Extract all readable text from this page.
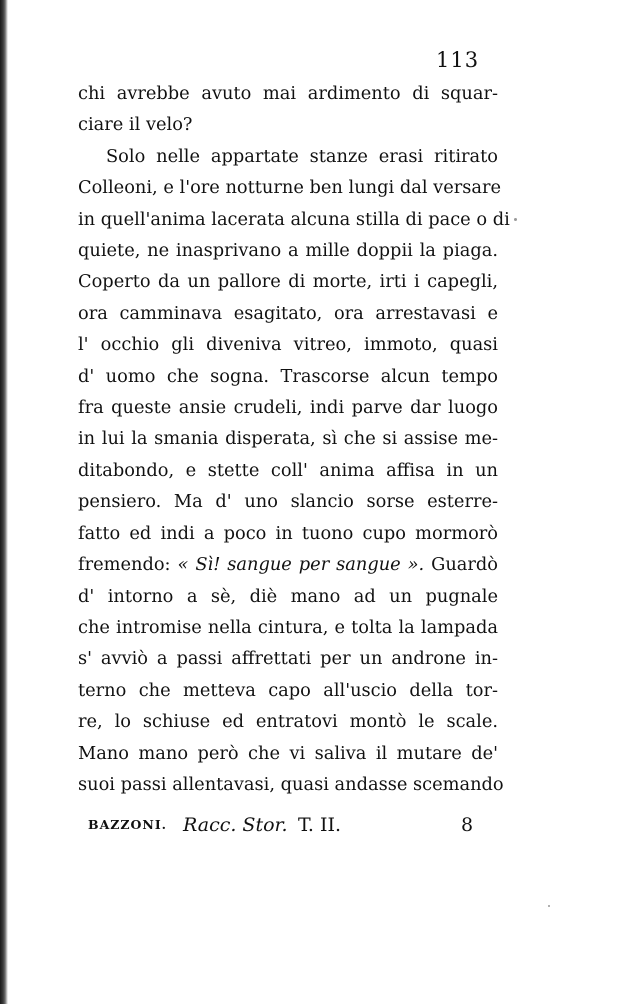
113
chi avrebbe avuto mai ardimento di squar-
ciare il velo?
Solo nelle appartate stanze erasi ritirato
Colleoni, e l'ore notturne ben lungi dal versare
in quell'anima lacerata alcuna stilla di pace o di
quiete, ne inasprivano a mille doppii la piaga.
Coperto da un pallore di morte, irti i capegli,
ora camminava esagitato, ora arrestavasi e
l' occhio gli diveniva vitreo, immoto, quasi
d' uomo che sogna. Trascorse alcun tempo
fra queste ansie crudeli, indi parve dar luogo
in lui la smania disperata, sì che si assise me-
ditabondo, e stette coll' anima affisa in un
pensiero. Ma d' uno slancio sorse esterre-
fatto ed indi a poco in tuono cupo mormorò
fremendo: « Sì! sangue per sangue ». Guardò
d' intorno a sè, diè mano ad un pugnale
che intromise nella cintura, e tolta la lampada
s' avviò a passi affrettati per un androne in-
terno che metteva capo all'uscio della tor-
re, lo schiuse ed entratovi montò le scale.
Mano mano però che vi saliva il mutare de'
suoi passi allentavasi, quasi andasse scemando
BAZZONI. Racc. Stor. T. II.	8
